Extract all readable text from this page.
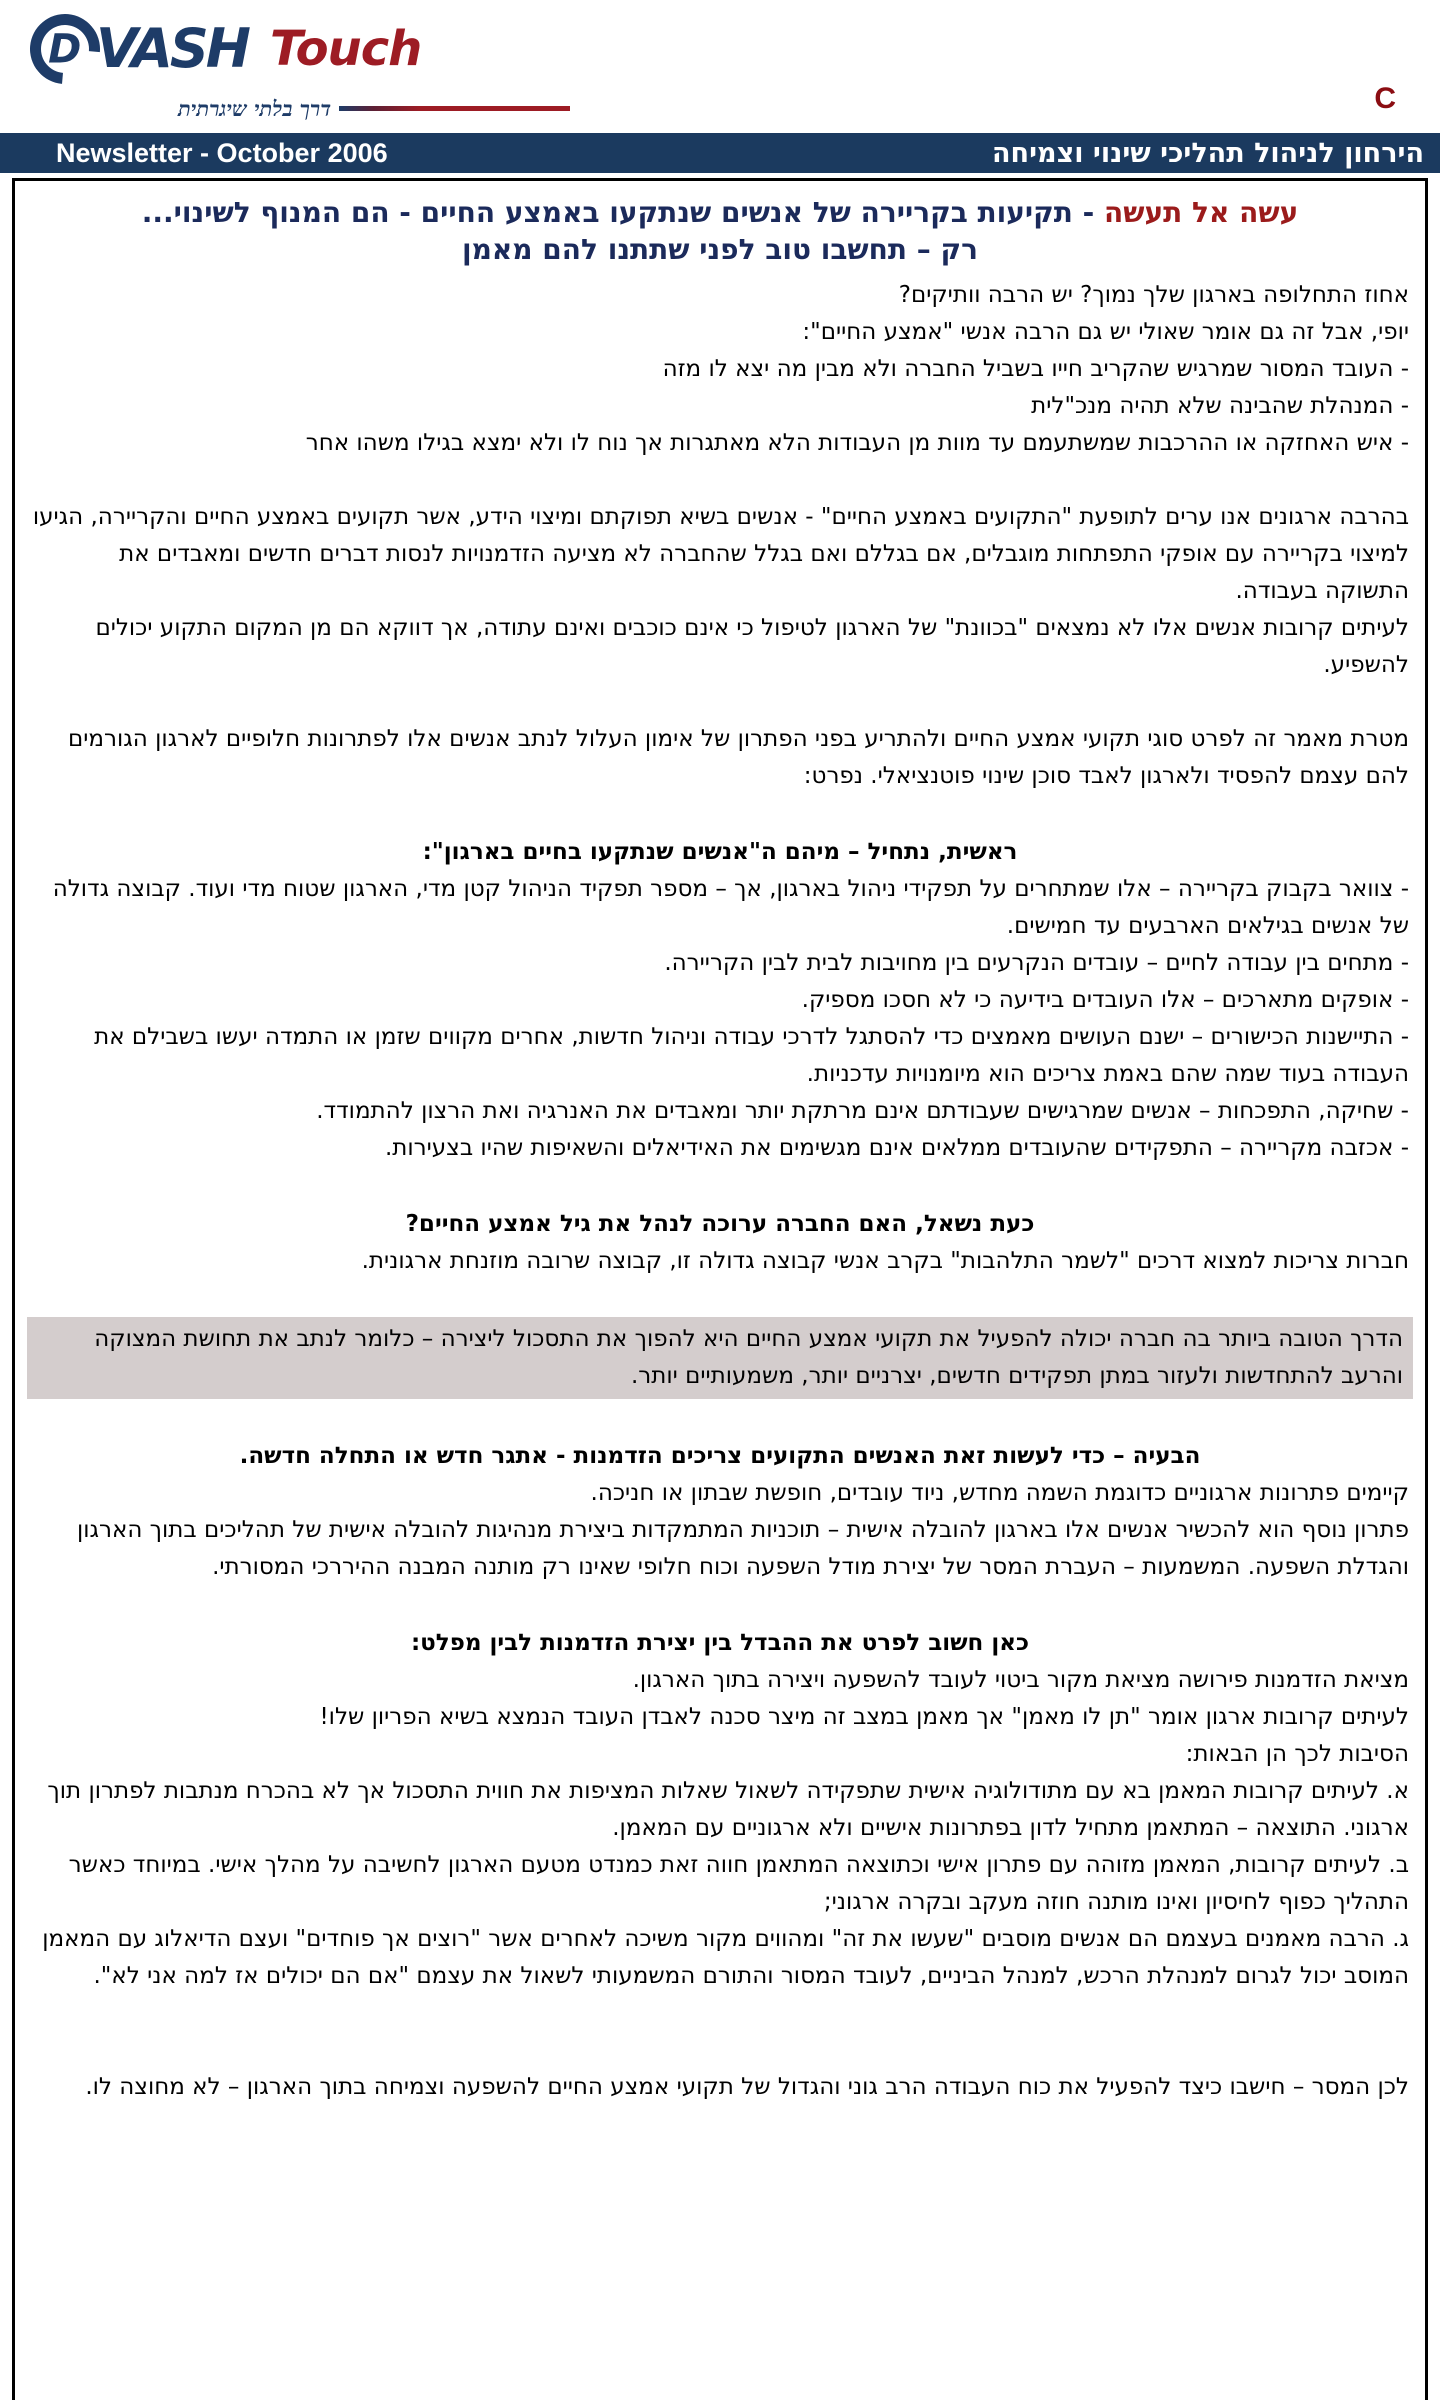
D VASH Touch
דרך בלתי שיגרתית	C
Newsletter - October 2006	הירחון לניהול תהליכי שינוי וצמיחה
עשה אל תעשה - תקיעות בקריירה של אנשים שנתקעו באמצע החיים - הם המנוף לשינוי...
רק – תחשבו טוב לפני שתתנו להם מאמן
אחוז התחלופה בארגון שלך נמוך? יש הרבה וותיקים?
יופי, אבל זה גם אומר שאולי יש גם הרבה אנשי "אמצע החיים":
- העובד המסור שמרגיש שהקריב חייו בשביל החברה ולא מבין מה יצא לו מזה
- המנהלת שהבינה שלא תהיה מנכ"לית
- איש האחזקה או ההרכבות שמשתעמם עד מוות מן העבודות הלא מאתגרות אך נוח לו ולא ימצא בגילו משהו אחר
בהרבה ארגונים אנו ערים לתופעת "התקועים באמצע החיים" - אנשים בשיא תפוקתם ומיצוי הידע, אשר תקועים באמצע החיים והקריירה, הגיעו למיצוי בקריירה עם אופקי התפתחות מוגבלים, אם בגללם ואם בגלל שהחברה לא מציעה הזדמנויות לנסות דברים חדשים ומאבדים את התשוקה בעבודה.
לעיתים קרובות אנשים אלו לא נמצאים "בכוונת" של הארגון לטיפול כי אינם כוכבים ואינם עתודה, אך דווקא הם מן המקום התקוע יכולים להשפיע.
מטרת מאמר זה לפרט סוגי תקועי אמצע החיים ולהתריע בפני הפתרון של אימון העלול לנתב אנשים אלו לפתרונות חלופיים לארגון הגורמים להם עצמם להפסיד ולארגון לאבד סוכן שינוי פוטנציאלי. נפרט:
ראשית, נתחיל – מיהם ה"אנשים שנתקעו בחיים בארגון":
- צוואר בקבוק בקריירה – אלו שמתחרים על תפקידי ניהול בארגון, אך – מספר תפקיד הניהול קטן מדי, הארגון שטוח מדי ועוד. קבוצה גדולה של אנשים בגילאים הארבעים עד חמישים.
- מתחים בין עבודה לחיים – עובדים הנקרעים בין מחויבות לבית לבין הקריירה.
- אופקים מתארכים – אלו העובדים בידיעה כי לא חסכו מספיק.
- התיישנות הכישורים – ישנם העושים מאמצים כדי להסתגל לדרכי עבודה וניהול חדשות, אחרים מקווים שזמן או התמדה יעשו בשבילם את העבודה בעוד שמה שהם באמת צריכים הוא מיומנויות עדכניות.
- שחיקה, התפכחות – אנשים שמרגישים שעבודתם אינם מרתקת יותר ומאבדים את האנרגיה ואת הרצון להתמודד.
- אכזבה מקריירה – התפקידים שהעובדים ממלאים אינם מגשימים את האידיאלים והשאיפות שהיו בצעירות.
כעת נשאל, האם החברה ערוכה לנהל את גיל אמצע החיים?
חברות צריכות למצוא דרכים "לשמר התלהבות" בקרב אנשי קבוצה גדולה זו, קבוצה שרובה מוזנחת ארגונית.
הדרך הטובה ביותר בה חברה יכולה להפעיל את תקועי אמצע החיים היא להפוך את התסכול ליצירה – כלומר לנתב את תחושת המצוקה והרעב להתחדשות ולעזור במתן תפקידים חדשים, יצרניים יותר, משמעותיים יותר.
הבעיה – כדי לעשות זאת האנשים התקועים צריכים הזדמנות - אתגר חדש או התחלה חדשה.
קיימים פתרונות ארגוניים כדוגמת השמה מחדש, ניוד עובדים, חופשת שבתון או חניכה.
פתרון נוסף הוא להכשיר אנשים אלו בארגון להובלה אישית – תוכניות המתמקדות ביצירת מנהיגות להובלה אישית של תהליכים בתוך הארגון והגדלת השפעה. המשמעות – העברת המסר של יצירת מודל השפעה וכוח חלופי שאינו רק מותנה המבנה ההיררכי המסורתי.
כאן חשוב לפרט את ההבדל בין יצירת הזדמנות לבין מפלט:
מציאת הזדמנות פירושה מציאת מקור ביטוי לעובד להשפעה ויצירה בתוך הארגון.
לעיתים קרובות ארגון אומר "תן לו מאמן" אך מאמן במצב זה מיצר סכנה לאבדן העובד הנמצא בשיא הפריון שלו!
הסיבות לכך הן הבאות:
א. לעיתים קרובות המאמן בא עם מתודולוגיה אישית שתפקידה לשאול שאלות המציפות את חווית התסכול אך לא בהכרח מנתבות לפתרון תוך ארגוני. התוצאה – המתאמן מתחיל לדון בפתרונות אישיים ולא ארגוניים עם המאמן.
ב. לעיתים קרובות, המאמן מזוהה עם פתרון אישי וכתוצאה המתאמן חווה זאת כמנדט מטעם הארגון לחשיבה על מהלך אישי. במיוחד כאשר התהליך כפוף לחיסיון ואינו מותנה חוזה מעקב ובקרה ארגוני;
ג. הרבה מאמנים בעצמם הם אנשים מוסבים "שעשו את זה" ומהווים מקור משיכה לאחרים אשר "רוצים אך פוחדים" ועצם הדיאלוג עם המאמן המוסב יכול לגרום למנהלת הרכש, למנהל הביניים, לעובד המסור והתורם המשמעותי לשאול את עצמם "אם הם יכולים אז למה אני לא".
לכן המסר – חישבו כיצד להפעיל את כוח העבודה הרב גוני והגדול של תקועי אמצע החיים להשפעה וצמיחה בתוך הארגון – לא מחוצה לו.
